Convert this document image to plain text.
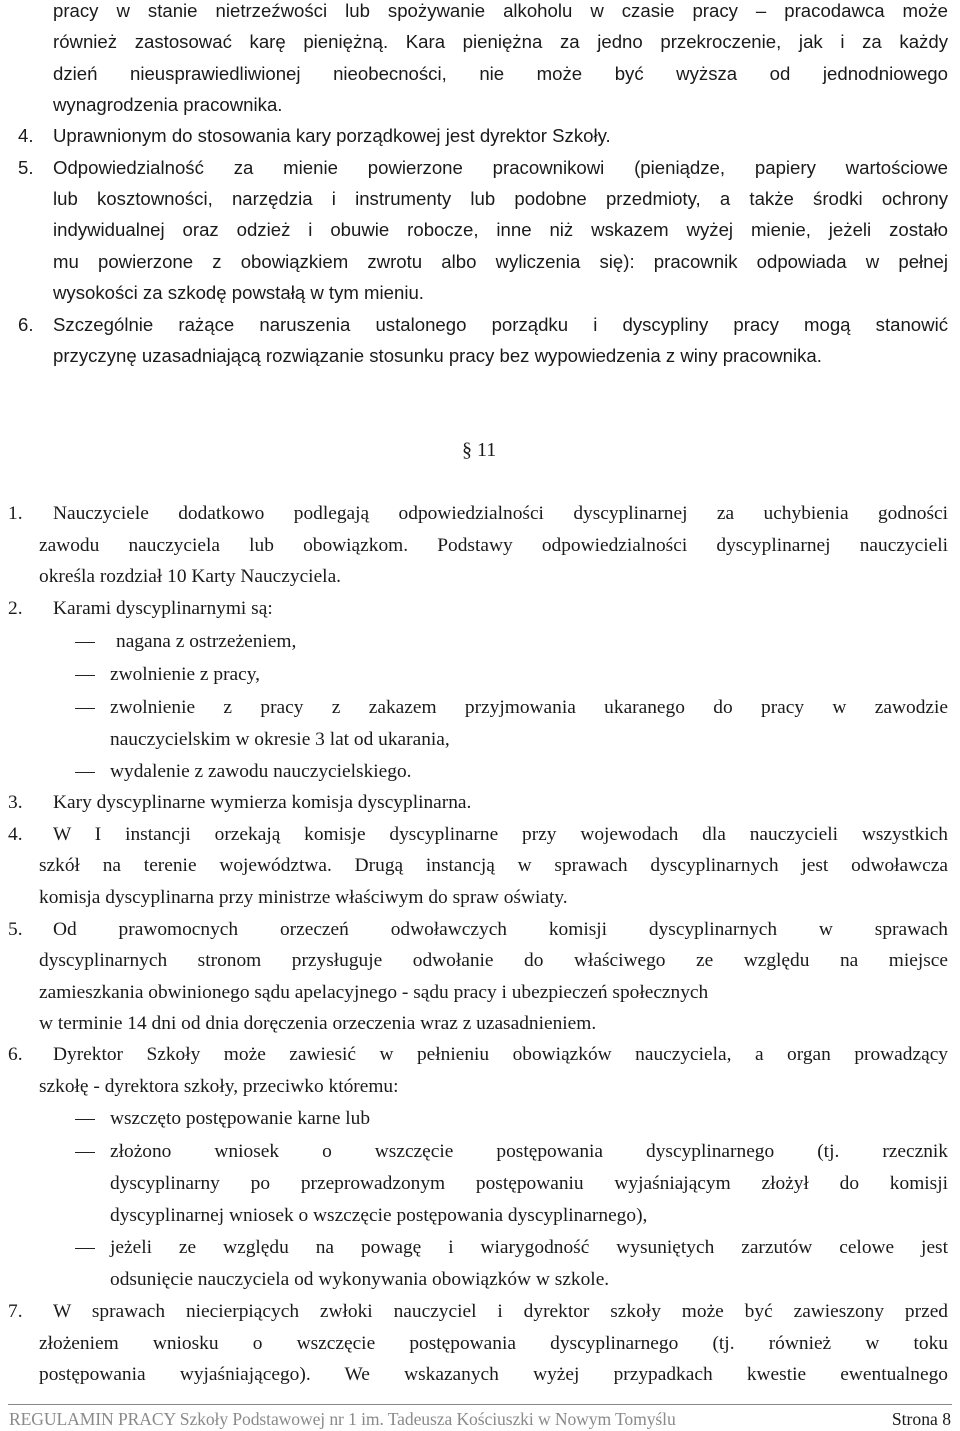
pracy w stanie nietrzeźwości lub spożywanie alkoholu w czasie pracy – pracodawca może
również zastosować karę pieniężną. Kara pieniężna za jedno przekroczenie, jak i za każdy
dzień nieusprawiedliwionej nieobecności, nie może być wyższa od jednodniowego
wynagrodzenia pracownika.
4. Uprawnionym do stosowania kary porządkowej jest dyrektor Szkoły.
5. Odpowiedzialność za mienie powierzone pracownikowi (pieniądze, papiery wartościowe
lub kosztowności, narzędzia i instrumenty lub podobne przedmioty, a także środki ochrony
indywidualnej oraz odzież i obuwie robocze, inne niż wskazem wyżej mienie, jeżeli zostało
mu powierzone z obowiązkiem zwrotu albo wyliczenia się): pracownik odpowiada w pełnej
wysokości za szkodę powstałą w tym mieniu.
6. Szczególnie rażące naruszenia ustalonego porządku i dyscypliny pracy mogą stanowić
przyczynę uzasadniającą rozwiązanie stosunku pracy bez wypowiedzenia z winy pracownika.
§ 11
1. Nauczyciele dodatkowo podlegają odpowiedzialności dyscyplinarnej za uchybienia godności
zawodu nauczyciela lub obowiązkom. Podstawy odpowiedzialności dyscyplinarnej nauczycieli
określa rozdział 10 Karty Nauczyciela.
2. Karami dyscyplinarnymi są:
nagana z ostrzeżeniem,
zwolnienie z pracy,
zwolnienie z pracy z zakazem przyjmowania ukaranego do pracy w zawodzie
nauczycielskim w okresie 3 lat od ukarania,
wydalenie z zawodu nauczycielskiego.
3. Kary dyscyplinarne wymierza komisja dyscyplinarna.
4. W I instancji orzekają komisje dyscyplinarne przy wojewodach dla nauczycieli wszystkich
szkół na terenie województwa. Drugą instancją w sprawach dyscyplinarnych jest odwoławcza
komisja dyscyplinarna przy ministrze właściwym do spraw oświaty.
5. Od prawomocnych orzeczeń odwoławczych komisji dyscyplinarnych w sprawach
dyscyplinarnych stronom przysługuje odwołanie do właściwego ze względu na miejsce
zamieszkania obwinionego sądu apelacyjnego - sądu pracy i ubezpieczeń społecznych
w terminie 14 dni od dnia doręczenia orzeczenia wraz z uzasadnieniem.
6. Dyrektor Szkoły może zawiesić w pełnieniu obowiązków nauczyciela, a organ prowadzący
szkołę - dyrektora szkoły, przeciwko któremu:
wszczęto postępowanie karne lub
złożono wniosek o wszczęcie postępowania dyscyplinarnego (tj. rzecznik
dyscyplinarny po przeprowadzonym postępowaniu wyjaśniającym złożył do komisji
dyscyplinarnej wniosek o wszczęcie postępowania dyscyplinarnego),
jeżeli ze względu na powagę i wiarygodność wysuniętych zarzutów celowe jest
odsunięcie nauczyciela od wykonywania obowiązków w szkole.
7. W sprawach niecierpiących zwłoki nauczyciel i dyrektor szkoły może być zawieszony przed
złożeniem wniosku o wszczęcie postępowania dyscyplinarnego (tj. również w toku
postępowania wyjaśniającego). We wskazanych wyżej przypadkach kwestie ewentualnego
REGULAMIN PRACY Szkoły Podstawowej nr 1 im. Tadeusza Kościuszki w Nowym Tomyślu	Strona 8
